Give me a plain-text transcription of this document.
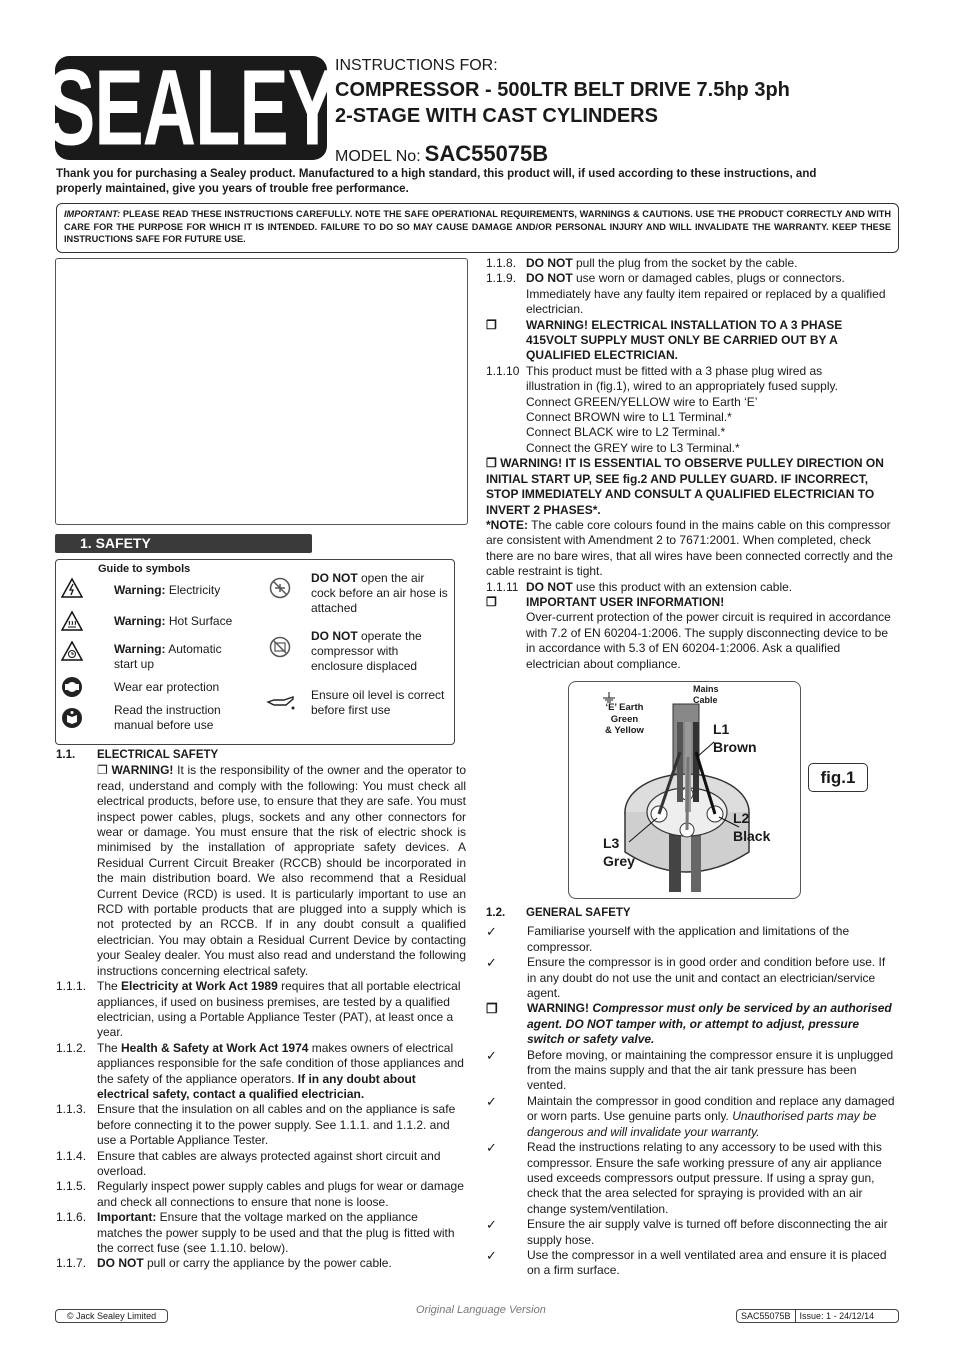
SEALEY
INSTRUCTIONS FOR:
COMPRESSOR - 500LTR BELT DRIVE 7.5hp 3ph
2-STAGE WITH CAST CYLINDERS
MODEL No: SAC55075B
Thank you for purchasing a Sealey product. Manufactured to a high standard, this product will, if used according to these instructions, and properly maintained, give you years of trouble free performance.
IMPORTANT: PLEASE READ THESE INSTRUCTIONS CAREFULLY. NOTE THE SAFE OPERATIONAL REQUIREMENTS, WARNINGS & CAUTIONS. USE THE PRODUCT CORRECTLY AND WITH CARE FOR THE PURPOSE FOR WHICH IT IS INTENDED. FAILURE TO DO SO MAY CAUSE DAMAGE AND/OR PERSONAL INJURY AND WILL INVALIDATE THE WARRANTY. KEEP THESE INSTRUCTIONS SAFE FOR FUTURE USE.
1. SAFETY
Guide to symbols
Warning: Electricity
Warning: Hot Surface
Warning: Automatic start up
Wear ear protection
Read the instruction manual before use
DO NOT open the air cock before an air hose is attached
DO NOT operate the compressor with enclosure displaced
Ensure oil level is correct before first use
1.1.	ELECTRICAL SAFETY
❐ WARNING! It is the responsibility of the owner and the operator to read, understand and comply with the following: You must check all electrical products, before use, to ensure that they are safe. You must inspect power cables, plugs, sockets and any other connectors for wear or damage. You must ensure that the risk of electric shock is minimised by the installation of appropriate safety devices. A Residual Current Circuit Breaker (RCCB) should be incorporated in the main distribution board. We also recommend that a Residual Current Device (RCD) is used. It is particularly important to use an RCD with portable products that are plugged into a supply which is not protected by an RCCB. If in any doubt consult a qualified electrician. You may obtain a Residual Current Device by contacting your Sealey dealer. You must also read and understand the following instructions concerning electrical safety.
1.1.1. The Electricity at Work Act 1989 requires that all portable electrical appliances, if used on business premises, are tested by a qualified electrician, using a Portable Appliance Tester (PAT), at least once a year.
1.1.2. The Health & Safety at Work Act 1974 makes owners of electrical appliances responsible for the safe condition of those appliances and the safety of the appliance operators. If in any doubt about electrical safety, contact a qualified electrician.
1.1.3. Ensure that the insulation on all cables and on the appliance is safe before connecting it to the power supply. See 1.1.1. and 1.1.2. and use a Portable Appliance Tester.
1.1.4. Ensure that cables are always protected against short circuit and overload.
1.1.5. Regularly inspect power supply cables and plugs for wear or damage and check all connections to ensure that none is loose.
1.1.6. Important: Ensure that the voltage marked on the appliance matches the power supply to be used and that the plug is fitted with the correct fuse (see 1.1.10. below).
1.1.7. DO NOT pull or carry the appliance by the power cable.
1.1.8. DO NOT pull the plug from the socket by the cable.
1.1.9. DO NOT use worn or damaged cables, plugs or connectors. Immediately have any faulty item repaired or replaced by a qualified electrician.
❐	WARNING! ELECTRICAL INSTALLATION TO A 3 PHASE 415VOLT SUPPLY MUST ONLY BE CARRIED OUT BY A QUALIFIED ELECTRICIAN.
1.1.10 This product must be fitted with a 3 phase plug wired as
illustration in (fig.1), wired to an appropriately fused supply.
Connect GREEN/YELLOW wire to Earth ‘E’
Connect BROWN wire to L1 Terminal.*
Connect BLACK wire to L2 Terminal.*
Connect the GREY wire to L3 Terminal.*
❐ WARNING! IT IS ESSENTIAL TO OBSERVE PULLEY DIRECTION ON INITIAL START UP, SEE fig.2 AND PULLEY GUARD. IF INCORRECT, STOP IMMEDIATELY AND CONSULT A QUALIFIED ELECTRICIAN TO INVERT 2 PHASES*.
*NOTE: The cable core colours found in the mains cable on this compressor are consistent with Amendment 2 to 7671:2001. When completed, check there are no bare wires, that all wires have been connected correctly and the cable restraint is tight.
1.1.11 DO NOT use this product with an extension cable.
❐	IMPORTANT USER INFORMATION!
Over-current protection of the power circuit is required in accordance with 7.2 of EN 60204-1:2006. The supply disconnecting device to be in accordance with 5.3 of EN 60204-1:2006. Ask a qualified electrician about compliance.
Mains
Cable
‘E’ Earth
Green
& Yellow	L1
Brown
L2
Black
L3
Grey
fig.1
1.2.	GENERAL SAFETY
✓	Familiarise yourself with the application and limitations of the compressor.
✓	Ensure the compressor is in good order and condition before use. If in any doubt do not use the unit and contact an electrician/service agent.
❐	WARNING! Compressor must only be serviced by an authorised agent. DO NOT tamper with, or attempt to adjust, pressure switch or safety valve.
✓	Before moving, or maintaining the compressor ensure it is unplugged from the mains supply and that the air tank pressure has been vented.
✓	Maintain the compressor in good condition and replace any damaged or worn parts. Use genuine parts only. Unauthorised parts may be dangerous and will invalidate your warranty.
✓	Read the instructions relating to any accessory to be used with this compressor. Ensure the safe working pressure of any air appliance used exceeds compressors output pressure. If using a spray gun, check that the area selected for spraying is provided with an air change system/ventilation.
✓	Ensure the air supply valve is turned off before disconnecting the air supply hose.
✓	Use the compressor in a well ventilated area and ensure it is placed on a firm surface.
© Jack Sealey Limited	Original Language Version	SAC55075B	Issue: 1 - 24/12/14
